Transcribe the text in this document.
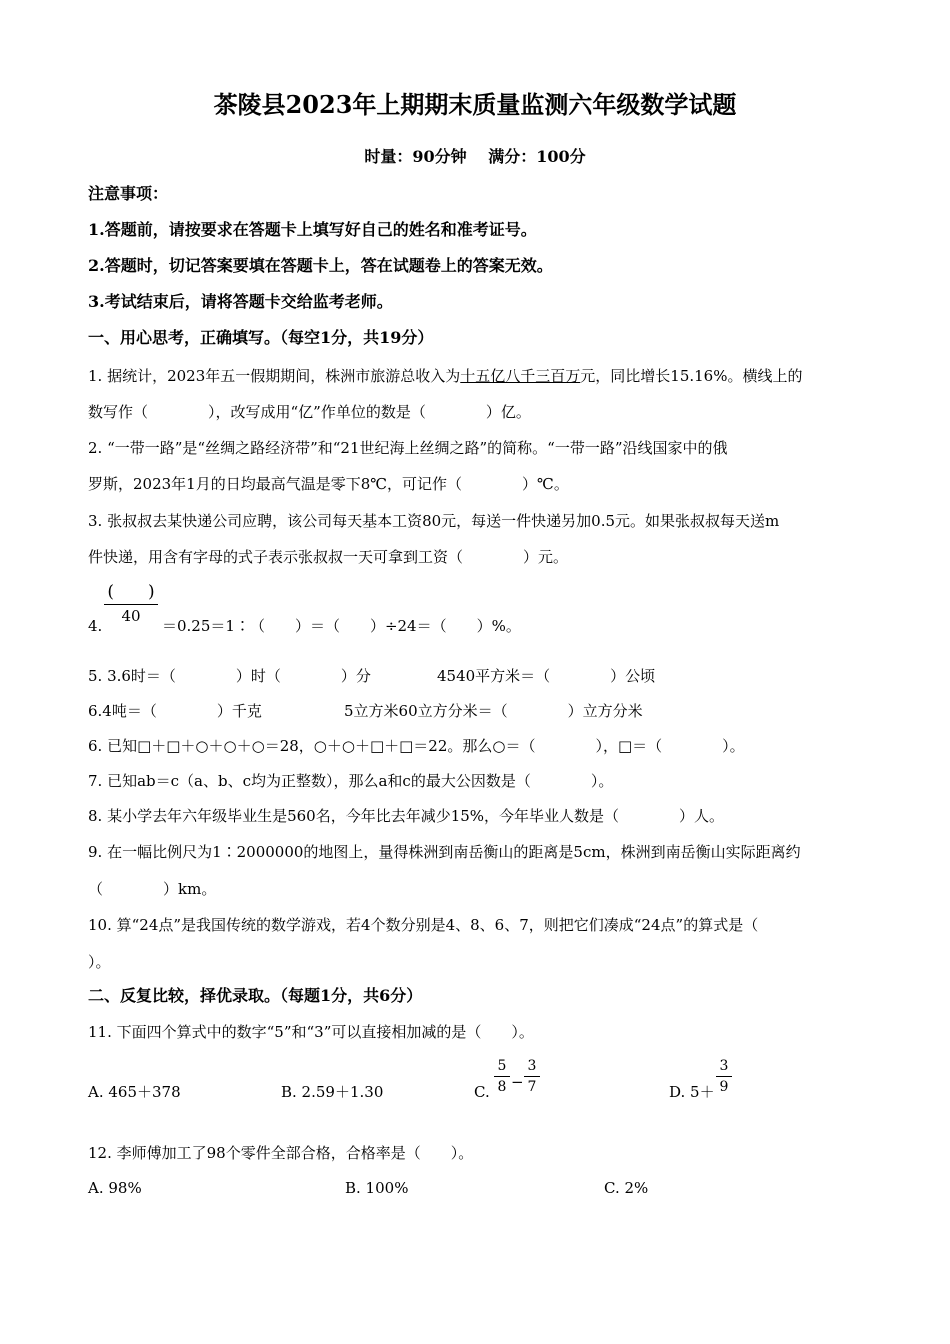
茶陵县2023年上期期末质量监测六年级数学试题
时量：90分钟　 满分：100分
注意事项：
1.答题前，请按要求在答题卡上填写好自己的姓名和准考证号。
2.答题时，切记答案要填在答题卡上，答在试题卷上的答案无效。
3.考试结束后，请将答题卡交给监考老师。
一、用心思考，正确填写。（每空1分，共19分）
1. 据统计，2023年五一假期期间，株洲市旅游总收入为十五亿八千三百万元，同比增长15.16%。横线上的
数写作（　　　　），改写成用“亿”作单位的数是（　　　　）亿。
2. “一带一路”是“丝绸之路经济带”和“21世纪海上丝绸之路”的简称。“一带一路”沿线国家中的俄
罗斯，2023年1月的日均最高气温是零下8℃，可记作（　　　　）℃。
3. 张叔叔去某快递公司应聘，该公司每天基本工资80元，每送一件快递另加0.5元。如果张叔叔每天送m
件快递，用含有字母的式子表示张叔叔一天可拿到工资（　　　　）元。
4.
(　　)
40
＝0.25＝1∶（　　）＝（　　）÷24＝（　　）%。
5. 3.6时＝（　　　　）时（　　　　）分	4540平方米＝（　　　　）公顷
6.4吨＝（　　　　）千克	5立方米60立方分米＝（　　　　）立方分米
6. 已知□＋□＋○＋○＋○＝28，○＋○＋□＋□＝22。那么○＝（　　　　），□＝（　　　　）。
7. 已知ab＝c（a、b、c均为正整数），那么a和c的最大公因数是（　　　　）。
8. 某小学去年六年级毕业生是560名，今年比去年减少15%，今年毕业人数是（　　　　）人。
9. 在一幅比例尺为1∶2000000的地图上，量得株洲到南岳衡山的距离是5cm，株洲到南岳衡山实际距离约
（　　　　）km。
10. 算“24点”是我国传统的数学游戏，若4个数分别是4、8、6、7，则把它们凑成“24点”的算式是（
）。
二、反复比较，择优录取。（每题1分，共6分）
11. 下面四个算式中的数字“5”和“3”可以直接相加减的是（　　）。
A. 465＋378	B. 2.59＋1.30	C.
5
8 −
3
7	D. 5＋
3
9
12. 李师傅加工了98个零件全部合格，合格率是（　　）。
A. 98%	B. 100%	C. 2%
